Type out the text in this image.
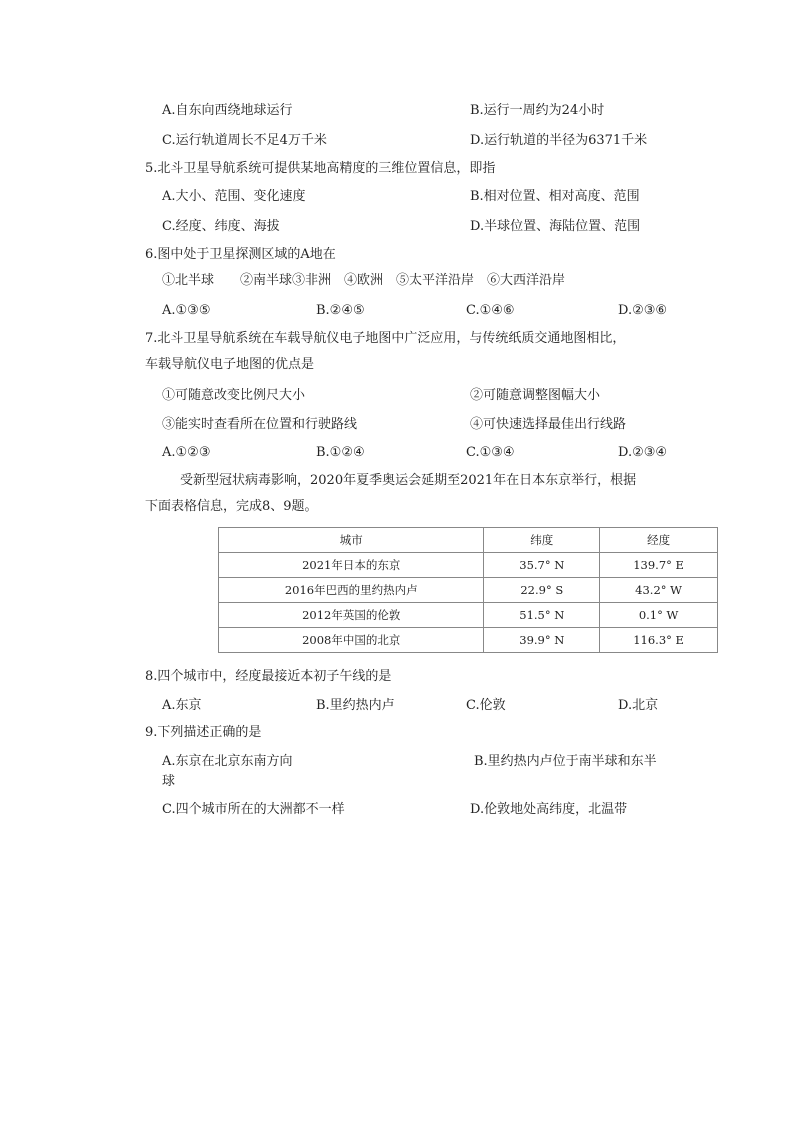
A.自东向西绕地球运行	B.运行一周约为24小时
C.运行轨道周长不足4万千米	D.运行轨道的半径为6371千米
5.北斗卫星导航系统可提供某地高精度的三维位置信息，即指
A.大小、范围、变化速度	B.相对位置、相对高度、范围
C.经度、纬度、海拔	D.半球位置、海陆位置、范围
6.图中处于卫星探测区域的A地在
①北半球　　②南半球③非洲　④欧洲　⑤太平洋沿岸　⑥大西洋沿岸
A.①③⑤	B.②④⑤	C.①④⑥	D.②③⑥
7.北斗卫星导航系统在车载导航仪电子地图中广泛应用，与传统纸质交通地图相比，
车载导航仪电子地图的优点是
①可随意改变比例尺大小	②可随意调整图幅大小
③能实时查看所在位置和行驶路线	④可快速选择最佳出行线路
A.①②③	B.①②④	C.①③④	D.②③④
受新型冠状病毒影响，2020年夏季奥运会延期至2021年在日本东京举行，根据
下面表格信息，完成8、9题。
城市	纬度	经度
2021年日本的东京	35.7° N	139.7° E
2016年巴西的里约热内卢	22.9° S	43.2° W
2012年英国的伦敦	51.5° N	0.1° W
2008年中国的北京	39.9° N	116.3° E
8.四个城市中，经度最接近本初子午线的是
A.东京	B.里约热内卢	C.伦敦	D.北京
9.下列描述正确的是
A.东京在北京东南方向	B.里约热内卢位于南半球和东半
球
C.四个城市所在的大洲都不一样	D.伦敦地处高纬度，北温带
